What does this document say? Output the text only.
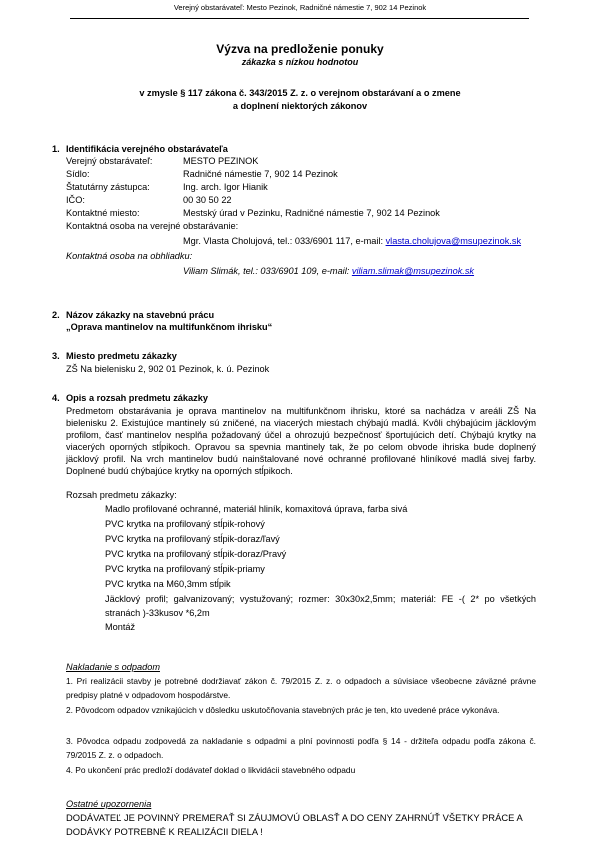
Verejný obstarávateľ: Mesto Pezinok, Radničné námestie 7, 902 14 Pezinok
Výzva na predloženie ponuky
zákazka s nízkou hodnotou
v zmysle § 117 zákona č. 343/2015 Z. z. o verejnom obstarávaní a o zmene
a doplnení niektorých zákonov
1. Identifikácia verejného obstarávateľa
Verejný obstarávateľ:	MESTO PEZINOK
Sídlo:	Radničné námestie 7, 902 14 Pezinok
Štatutárny zástupca:	Ing. arch. Igor Hianik
IČO:	00 30 50 22
Kontaktné miesto:	Mestský úrad v Pezinku, Radničné námestie 7, 902 14 Pezinok
Kontaktná osoba na verejné obstarávanie:
Mgr. Vlasta Cholujová, tel.: 033/6901 117, e-mail: vlasta.cholujova@msupezinok.sk
Kontaktná osoba na obhliadku:
Viliam Slimák, tel.: 033/6901 109, e-mail: viliam.slimak@msupezinok.sk
2. Názov zákazky na stavebnú prácu
„Oprava mantinelov na multifunkčnom ihrisku“
3. Miesto predmetu zákazky
ZŠ Na bielenisku 2, 902 01 Pezinok, k. ú. Pezinok
4. Opis a rozsah predmetu zákazky
Predmetom obstarávania je oprava mantinelov na multifunkčnom ihrisku, ktoré sa nachádza v areáli ZŠ Na bielenisku 2. Existujúce mantinely sú zničené, na viacerých miestach chýbajú madlá. Kvôli chýbajúcim jäcklovým profilom, časť mantinelov nesplňa požadovaný účel a ohrozujú bezpečnosť športujúcich detí. Chýbajú krytky na viacerých oporných stĺpikoch. Opravou sa spevnia mantinely tak, že po celom obvode ihriska bude doplnený jäcklový profil. Na vrch mantinelov budú nainštalované nové ochranné profilované hliníkové madlá sivej farby. Doplnené budú chýbajúce krytky na oporných stĺpikoch.
Rozsah predmetu zákazky:
Madlo profilované ochranné, materiál hliník, komaxitová úprava, farba sivá
PVC krytka na profilovaný stĺpik-rohový
PVC krytka na profilovaný stĺpik-doraz/ľavý
PVC krytka na profilovaný stĺpik-doraz/Pravý
PVC krytka na profilovaný stĺpik-priamy
PVC krytka na M60,3mm stĺpik
Jäcklový profil; galvanizovaný; vystužovaný; rozmer: 30x30x2,5mm; materiál: FE -( 2* po všetkých stranách )-33kusov *6,2m
Montáž
Nakladanie s odpadom
1. Pri realizácii stavby je potrebné dodržiavať zákon č. 79/2015 Z. z. o odpadoch a súvisiace všeobecne záväzné právne predpisy platné v odpadovom hospodárstve.
2. Pôvodcom odpadov vznikajúcich v dôsledku uskutočňovania stavebných prác je ten, kto uvedené práce vykonáva.
3. Pôvodca odpadu zodpovedá za nakladanie s odpadmi a plní povinnosti podľa § 14 - držiteľa odpadu podľa zákona č. 79/2015 Z. z. o odpadoch.
4. Po ukončení prác predloží dodávateľ doklad o likvidácii stavebného odpadu
Ostatné upozornenia
DODÁVATEĽ JE POVINNÝ PREMERAŤ SI ZÁUJMOVÚ OBLASŤ A DO CENY ZAHRNÚŤ VŠETKY PRÁCE A DODÁVKY POTREBNÉ K REALIZÁCII DIELA !
